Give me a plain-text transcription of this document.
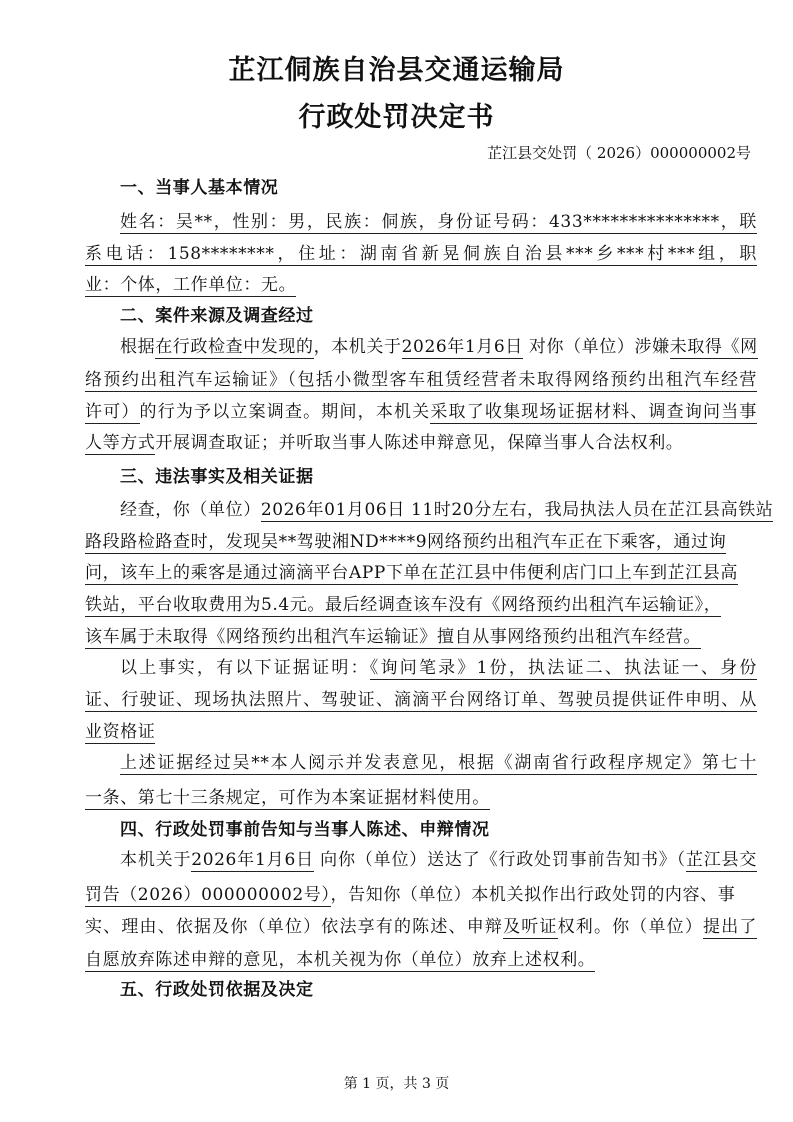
芷江侗族自治县交通运输局
行政处罚决定书
芷江县交处罚（ 2026）000000002号
一、当事人基本情况
姓名：吴**，性别：男，民族：侗族，身份证号码：433***************，联
系电话：158********，住址：湖南省新晃侗族自治县***乡***村***组，职
业：个体，工作单位：无。
二、案件来源及调查经过
根据在行政检查中发现的，本机关于2026年1月6日 对你（单位）涉嫌未取得《网
络预约出租汽车运输证》（包括小微型客车租赁经营者未取得网络预约出租汽车经营
许可）的行为予以立案调查。期间，本机关采取了收集现场证据材料、调查询问当事
人等方式开展调查取证；并听取当事人陈述申辩意见，保障当事人合法权利。
三、违法事实及相关证据
经查，你（单位）2026年01月06日 11时20分左右，我局执法人员在芷江县高铁站
路段路检路查时，发现吴**驾驶湘ND****9网络预约出租汽车正在下乘客，通过询
问，该车上的乘客是通过滴滴平台APP下单在芷江县中伟便利店门口上车到芷江县高
铁站，平台收取费用为5.4元。最后经调查该车没有《网络预约出租汽车运输证》，
该车属于未取得《网络预约出租汽车运输证》擅自从事网络预约出租汽车经营。
以上事实，有以下证据证明：《询问笔录》1份，执法证二、执法证一、身份
证、行驶证、现场执法照片、驾驶证、滴滴平台网络订单、驾驶员提供证件申明、从
业资格证
上述证据经过吴**本人阅示并发表意见，根据《湖南省行政程序规定》第七十
一条、第七十三条规定，可作为本案证据材料使用。
四、行政处罚事前告知与当事人陈述、申辩情况
本机关于2026年1月6日 向你（单位）送达了《行政处罚事前告知书》（芷江县交
罚告（2026）000000002号），告知你（单位）本机关拟作出行政处罚的内容、事
实、理由、依据及你（单位）依法享有的陈述、申辩及听证权利。你（单位）提出了
自愿放弃陈述申辩的意见，本机关视为你（单位）放弃上述权利。
五、行政处罚依据及决定
第 1 页，共 3 页
